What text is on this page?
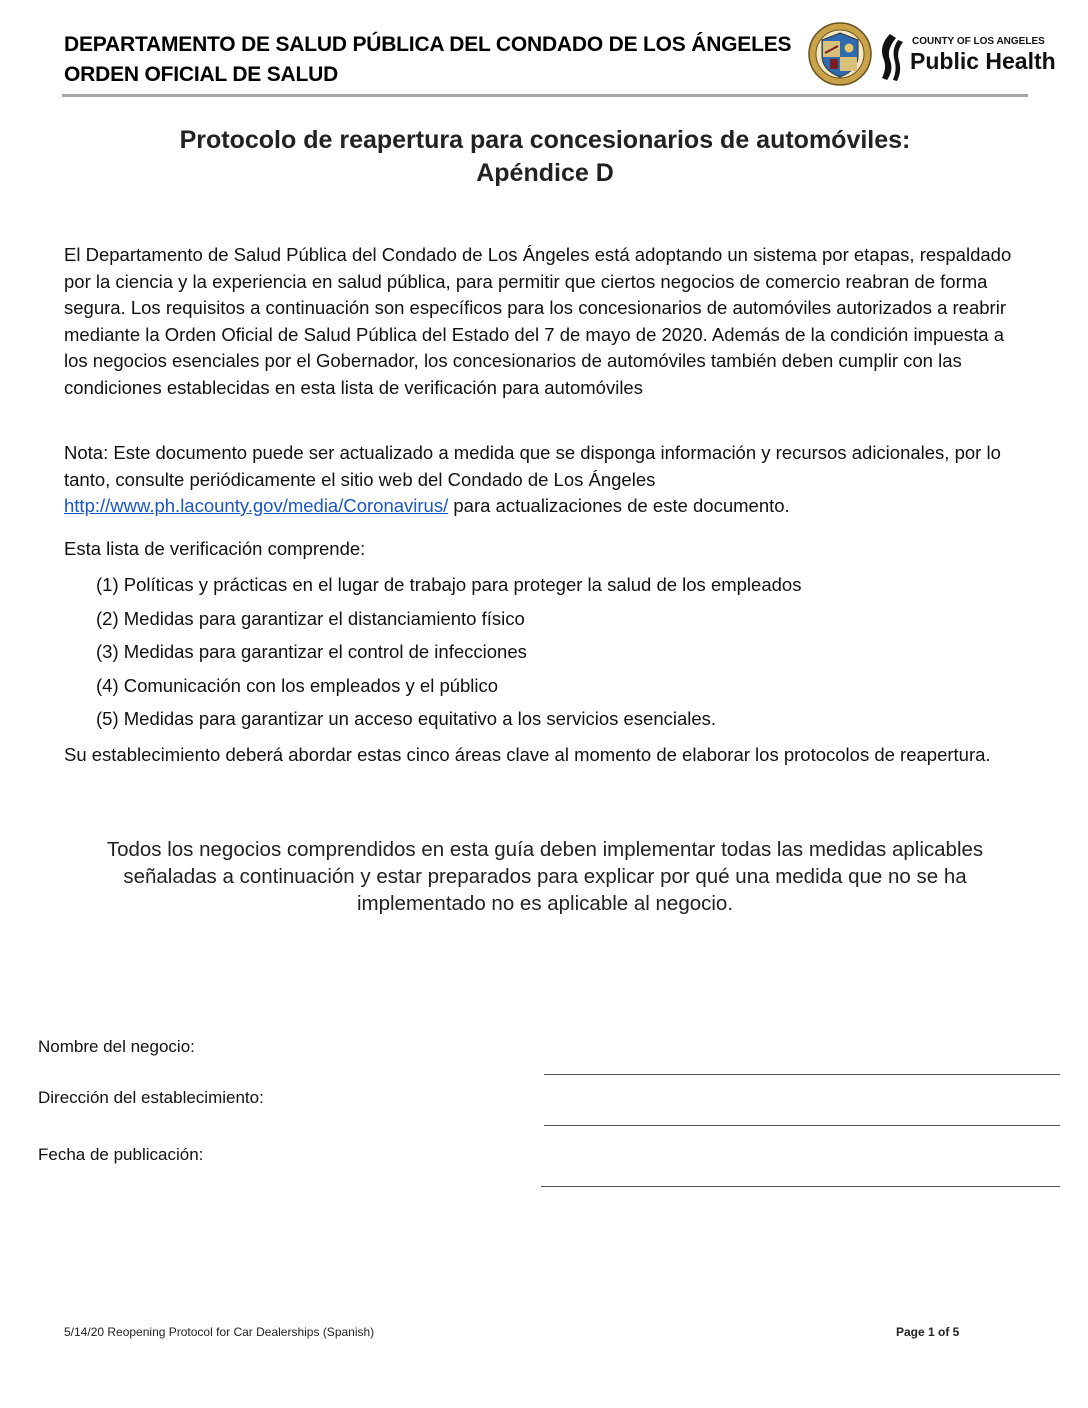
DEPARTAMENTO DE SALUD PÚBLICA DEL CONDADO DE LOS ÁNGELES
ORDEN OFICIAL DE SALUD
COUNTY OF LOS ANGELES
Public Health
Protocolo de reapertura para concesionarios de automóviles:
Apéndice D

El Departamento de Salud Pública del Condado de Los Ángeles está adoptando un sistema por etapas, respaldado por la ciencia y la experiencia en salud pública, para permitir que ciertos negocios de comercio reabran de forma segura. Los requisitos a continuación son específicos para los concesionarios de automóviles autorizados a reabrir mediante la Orden Oficial de Salud Pública del Estado del 7 de mayo de 2020. Además de la condición impuesta a los negocios esenciales por el Gobernador, los concesionarios de automóviles también deben cumplir con las condiciones establecidas en esta lista de verificación para automóviles

Nota: Este documento puede ser actualizado a medida que se disponga información y recursos adicionales, por lo tanto, consulte periódicamente el sitio web del Condado de Los Ángeles http://www.ph.lacounty.gov/media/Coronavirus/ para actualizaciones de este documento.

Esta lista de verificación comprende:

(1) Políticas y prácticas en el lugar de trabajo para proteger la salud de los empleados
(2) Medidas para garantizar el distanciamiento físico
(3) Medidas para garantizar el control de infecciones
(4) Comunicación con los empleados y el público
(5) Medidas para garantizar un acceso equitativo a los servicios esenciales.

Su establecimiento deberá abordar estas cinco áreas clave al momento de elaborar los protocolos de reapertura.

Todos los negocios comprendidos en esta guía deben implementar todas las medidas aplicables señaladas a continuación y estar preparados para explicar por qué una medida que no se ha implementado no es aplicable al negocio.

Nombre del negocio:
Dirección del establecimiento:
Fecha de publicación:
5/14/20 Reopening Protocol for Car Dealerships (Spanish)	Page 1 of 5
